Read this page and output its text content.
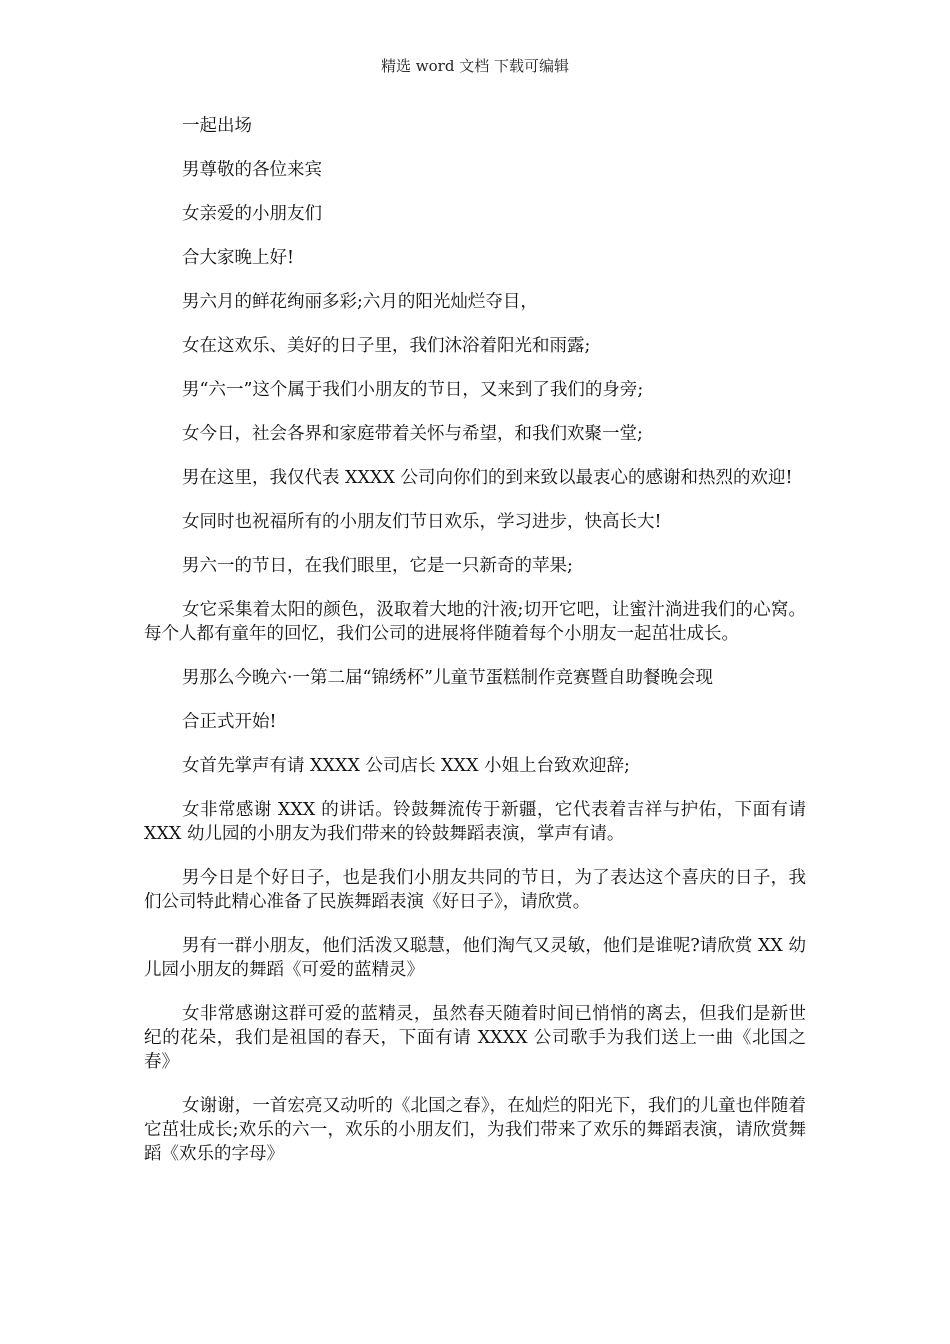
精选 word 文档 下载可编辑

一起出场

男尊敬的各位来宾

女亲爱的小朋友们

合大家晚上好!

男六月的鲜花绚丽多彩;六月的阳光灿烂夺目，

女在这欢乐、美好的日子里，我们沐浴着阳光和雨露;

男“六一”这个属于我们小朋友的节日，又来到了我们的身旁;

女今日，社会各界和家庭带着关怀与希望，和我们欢聚一堂;

男在这里，我仅代表 XXXX 公司向你们的到来致以最衷心的感谢和热烈的欢迎!

女同时也祝福所有的小朋友们节日欢乐，学习进步，快高长大!

男六一的节日，在我们眼里，它是一只新奇的苹果;

女它采集着太阳的颜色，汲取着大地的汁液;切开它吧，让蜜汁淌进我们的心窝。每个人都有童年的回忆，我们公司的进展将伴随着每个小朋友一起茁壮成长。

男那么今晚六·一第二届“锦绣杯”儿童节蛋糕制作竞赛暨自助餐晚会现

合正式开始!

女首先掌声有请 XXXX 公司店长 XXX 小姐上台致欢迎辞;

女非常感谢 XXX 的讲话。铃鼓舞流传于新疆，它代表着吉祥与护佑，下面有请 XXX 幼儿园的小朋友为我们带来的铃鼓舞蹈表演，掌声有请。

男今日是个好日子，也是我们小朋友共同的节日，为了表达这个喜庆的日子，我们公司特此精心准备了民族舞蹈表演《好日子》，请欣赏。

男有一群小朋友，他们活泼又聪慧，他们淘气又灵敏，他们是谁呢?请欣赏 XX 幼儿园小朋友的舞蹈《可爱的蓝精灵》

女非常感谢这群可爱的蓝精灵，虽然春天随着时间已悄悄的离去，但我们是新世纪的花朵，我们是祖国的春天，下面有请 XXXX 公司歌手为我们送上一曲《北国之春》

女谢谢，一首宏亮又动听的《北国之春》，在灿烂的阳光下，我们的儿童也伴随着它茁壮成长;欢乐的六一，欢乐的小朋友们，为我们带来了欢乐的舞蹈表演，请欣赏舞蹈《欢乐的字母》
